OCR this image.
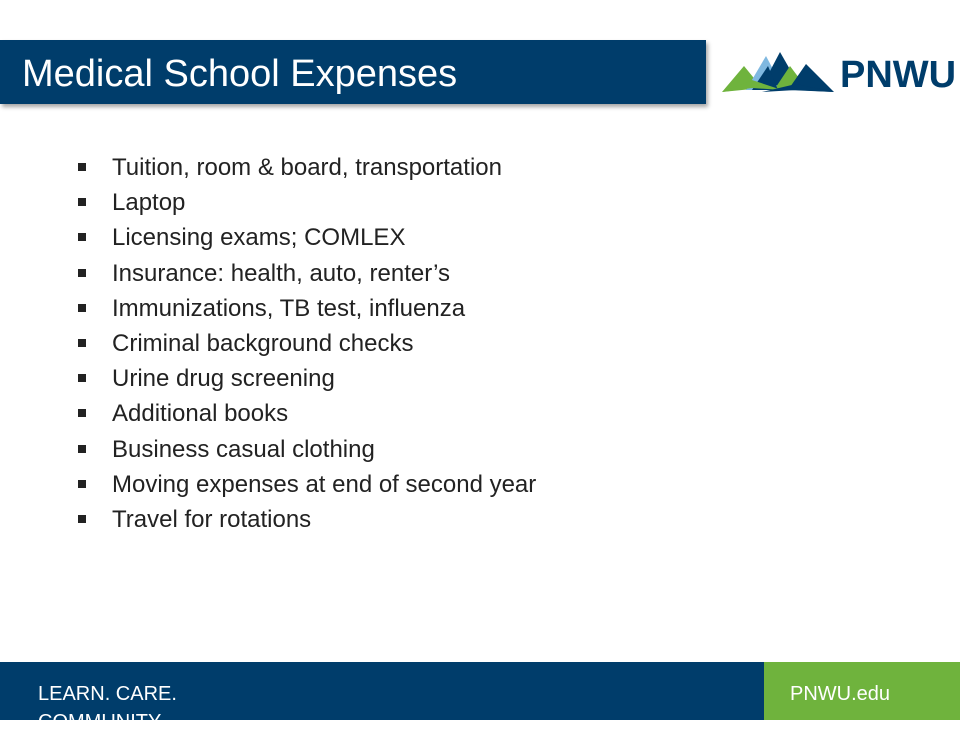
Medical School Expenses	PNWU
Tuition, room & board, transportation
Laptop
Licensing exams; COMLEX
Insurance: health, auto, renter’s
Immunizations, TB test, influenza
Criminal background checks
Urine drug screening
Additional books
Business casual clothing
Moving expenses at end of second year
Travel for rotations
LEARN. CARE. COMMUNITY.
PNWU.edu
